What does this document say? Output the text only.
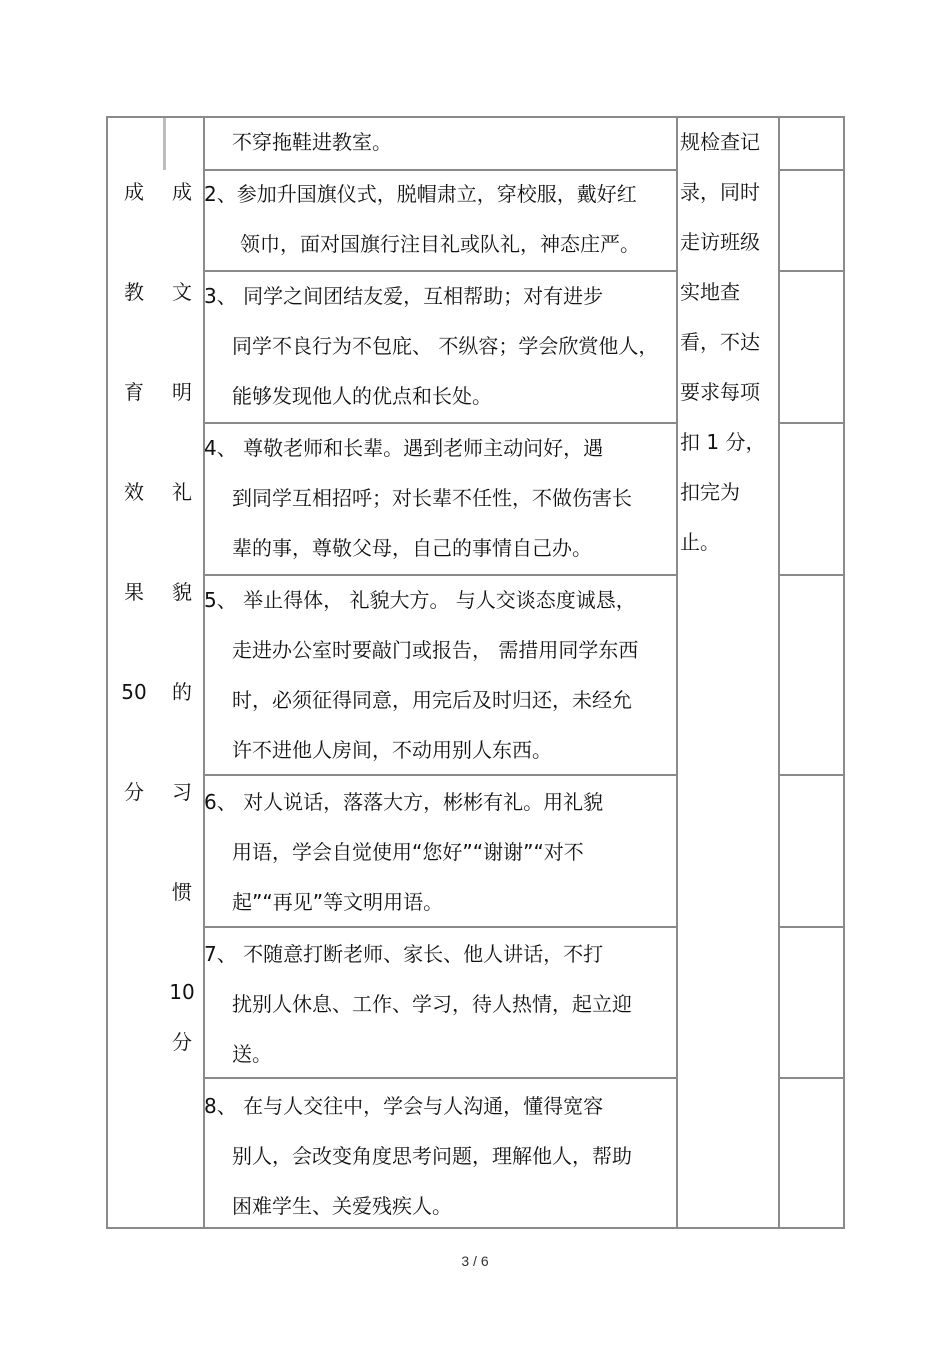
成
教
育
效
果
50
分
成
文
明
礼
貌
的
习
惯
10
分
不穿拖鞋进教室。
2、参加升国旗仪式，脱帽肃立，穿校服，戴好红
领巾，面对国旗行注目礼或队礼，神态庄严。
3、 同学之间团结友爱，互相帮助；对有进步
同学不良行为不包庇、 不纵容；学会欣赏他人，
能够发现他人的优点和长处。
4、 尊敬老师和长辈。遇到老师主动问好，遇
到同学互相招呼；对长辈不任性，不做伤害长
辈的事，尊敬父母，自己的事情自己办。
5、 举止得体， 礼貌大方。 与人交谈态度诚恳，
走进办公室时要敲门或报告， 需措用同学东西
时，必须征得同意，用完后及时归还，未经允
许不进他人房间，不动用别人东西。
6、 对人说话，落落大方，彬彬有礼。用礼貌
用语，学会自觉使用“您好”“谢谢”“对不
起”“再见”等文明用语。
7、 不随意打断老师、家长、他人讲话，不打
扰别人休息、工作、学习，待人热情，起立迎
送。
8、 在与人交往中，学会与人沟通，懂得宽容
别人，会改变角度思考问题，理解他人，帮助
困难学生、关爱残疾人。
规检查记
录，同时
走访班级
实地查
看，不达
要求每项
扣 1 分，
扣完为
止。
3 / 6
